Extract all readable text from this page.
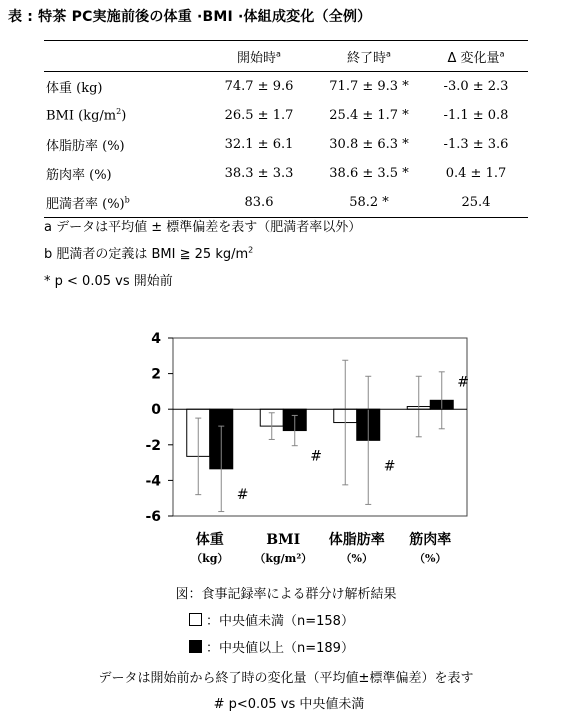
表 : 特茶 PC実施前後の体重 ·BMI ·体組成変化（全例）
	開始時$^a$	終了時$^a$	Δ 変化量$^a$
体重 (kg)	74.7 ± 9.6	71.7 ± 9.3 *	-3.0 ± 2.3
BMI $(kg/m^2)$	26.5 ± 1.7	25.4 ± 1.7 *	-1.1 ± 0.8
体脂肪率 (%)	32.1 ± 6.1	30.8 ± 6.3 *	-1.3 ± 3.6
筋肉率 (%)	38.3 ± 3.3	38.6 ± 3.5 *	0.4 ± 1.7
肥満者率 (%)$^b$	83.6	58.2 *	25.4
a データは平均値 ± 標準偏差を表す（肥満者率以外）
b 肥満者の定義は BMI ≧ 25 $kg/m^2$
* p < 0.05 vs 開始前
4
2
0
-2
-4
-6
#
#
#
#
体重
（kg）
BMI
（kg/m²）
体脂肪率
（%）
筋肉率
（%）
図：食事記録率による群分け解析結果
：中央値未満（n=158）
：中央値以上（n=189）
データは開始前から終了時の変化量（平均値±標準偏差）を表す
# p<0.05 vs 中央値未満
